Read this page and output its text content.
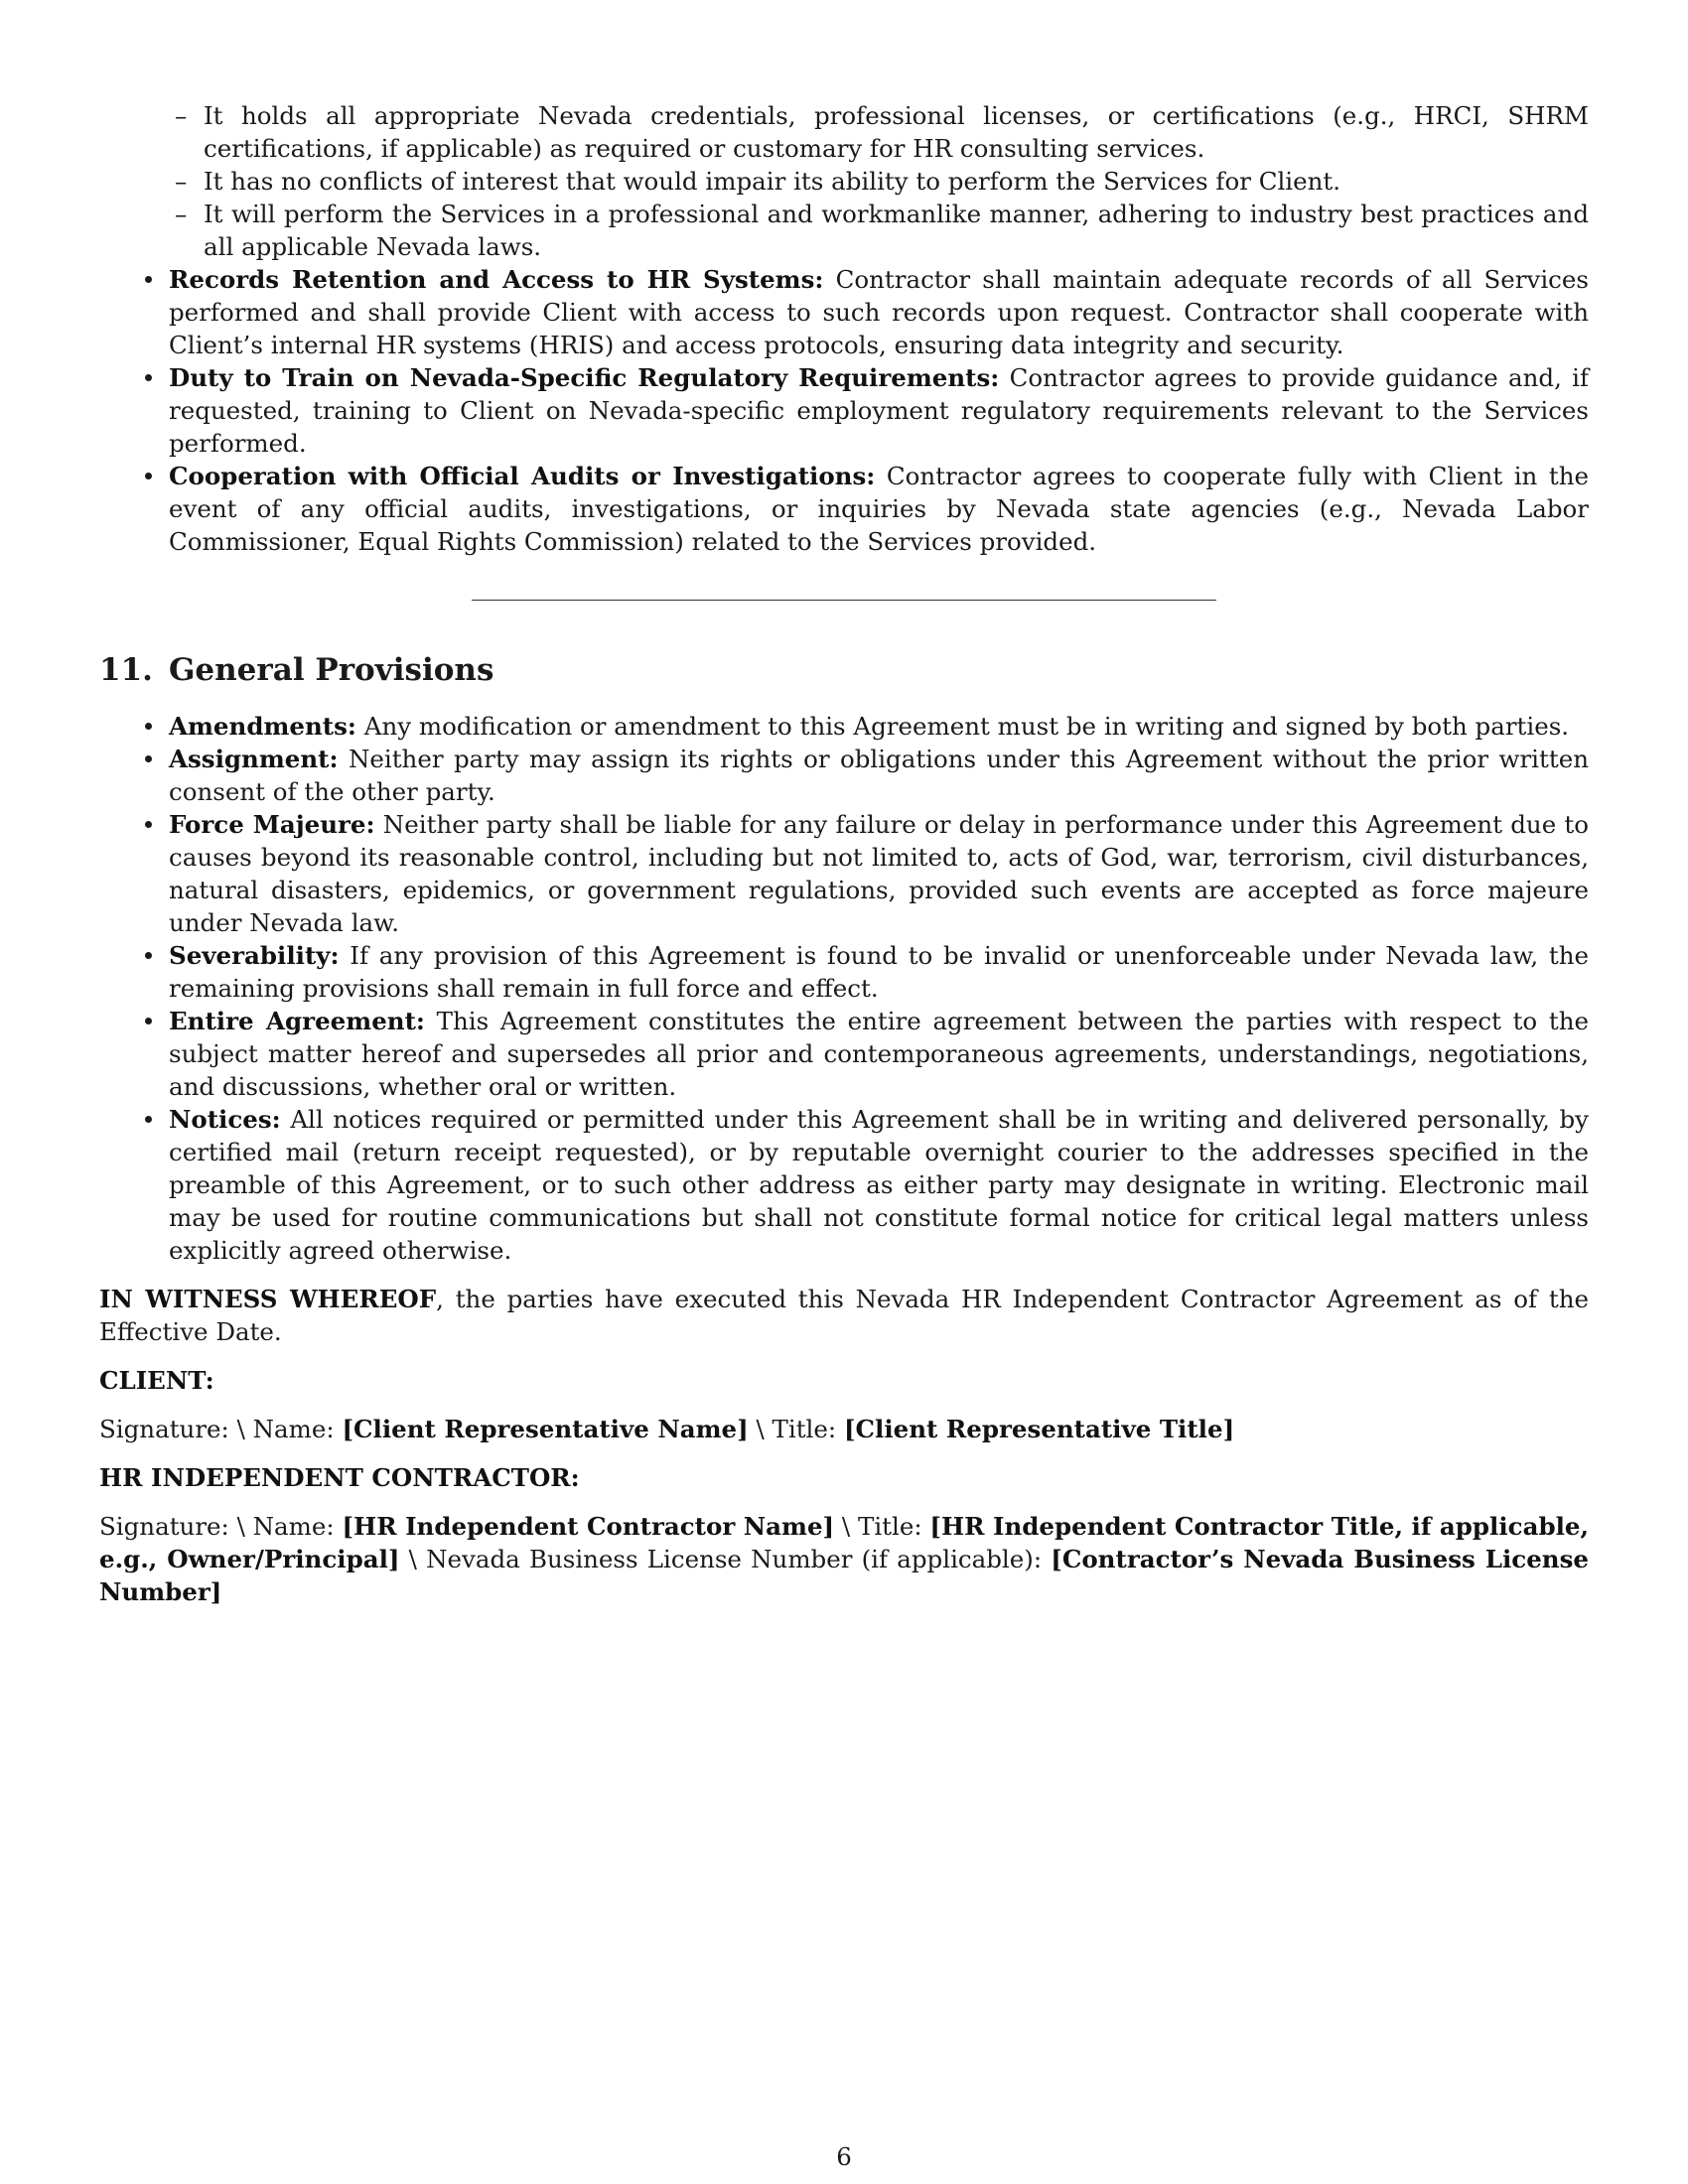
– It holds all appropriate Nevada credentials, professional licenses, or certifications (e.g., HRCI, SHRM certifications, if applicable) as required or customary for HR consulting services.
– It has no conflicts of interest that would impair its ability to perform the Services for Client.
– It will perform the Services in a professional and workmanlike manner, adhering to industry best practices and all applicable Nevada laws.
Records Retention and Access to HR Systems: Contractor shall maintain adequate records of all Services performed and shall provide Client with access to such records upon request. Contractor shall cooperate with Client’s internal HR systems (HRIS) and access protocols, ensuring data integrity and security.
Duty to Train on Nevada-Specific Regulatory Requirements: Contractor agrees to provide guidance and, if requested, training to Client on Nevada-specific employment regulatory requirements relevant to the Services performed.
Cooperation with Official Audits or Investigations: Contractor agrees to cooperate fully with Client in the event of any official audits, investigations, or inquiries by Nevada state agencies (e.g., Nevada Labor Commissioner, Equal Rights Commission) related to the Services provided.
11. General Provisions
Amendments: Any modification or amendment to this Agreement must be in writing and signed by both parties.
Assignment: Neither party may assign its rights or obligations under this Agreement without the prior written consent of the other party.
Force Majeure: Neither party shall be liable for any failure or delay in performance under this Agreement due to causes beyond its reasonable control, including but not limited to, acts of God, war, terrorism, civil disturbances, natural disasters, epidemics, or government regulations, provided such events are accepted as force majeure under Nevada law.
Severability: If any provision of this Agreement is found to be invalid or unenforceable under Nevada law, the remaining provisions shall remain in full force and effect.
Entire Agreement: This Agreement constitutes the entire agreement between the parties with respect to the subject matter hereof and supersedes all prior and contemporaneous agreements, understandings, negotiations, and discussions, whether oral or written.
Notices: All notices required or permitted under this Agreement shall be in writing and delivered personally, by certified mail (return receipt requested), or by reputable overnight courier to the addresses specified in the preamble of this Agreement, or to such other address as either party may designate in writing. Electronic mail may be used for routine communications but shall not constitute formal notice for critical legal matters unless explicitly agreed otherwise.

IN WITNESS WHEREOF, the parties have executed this Nevada HR Independent Contractor Agreement as of the Effective Date.

CLIENT:

Signature: \ Name: [Client Representative Name] \ Title: [Client Representative Title]

HR INDEPENDENT CONTRACTOR:

Signature: \ Name: [HR Independent Contractor Name] \ Title: [HR Independent Contractor Title, if applicable, e.g., Owner/Principal] \ Nevada Business License Number (if applicable): [Contractor’s Nevada Business License Number]

6
